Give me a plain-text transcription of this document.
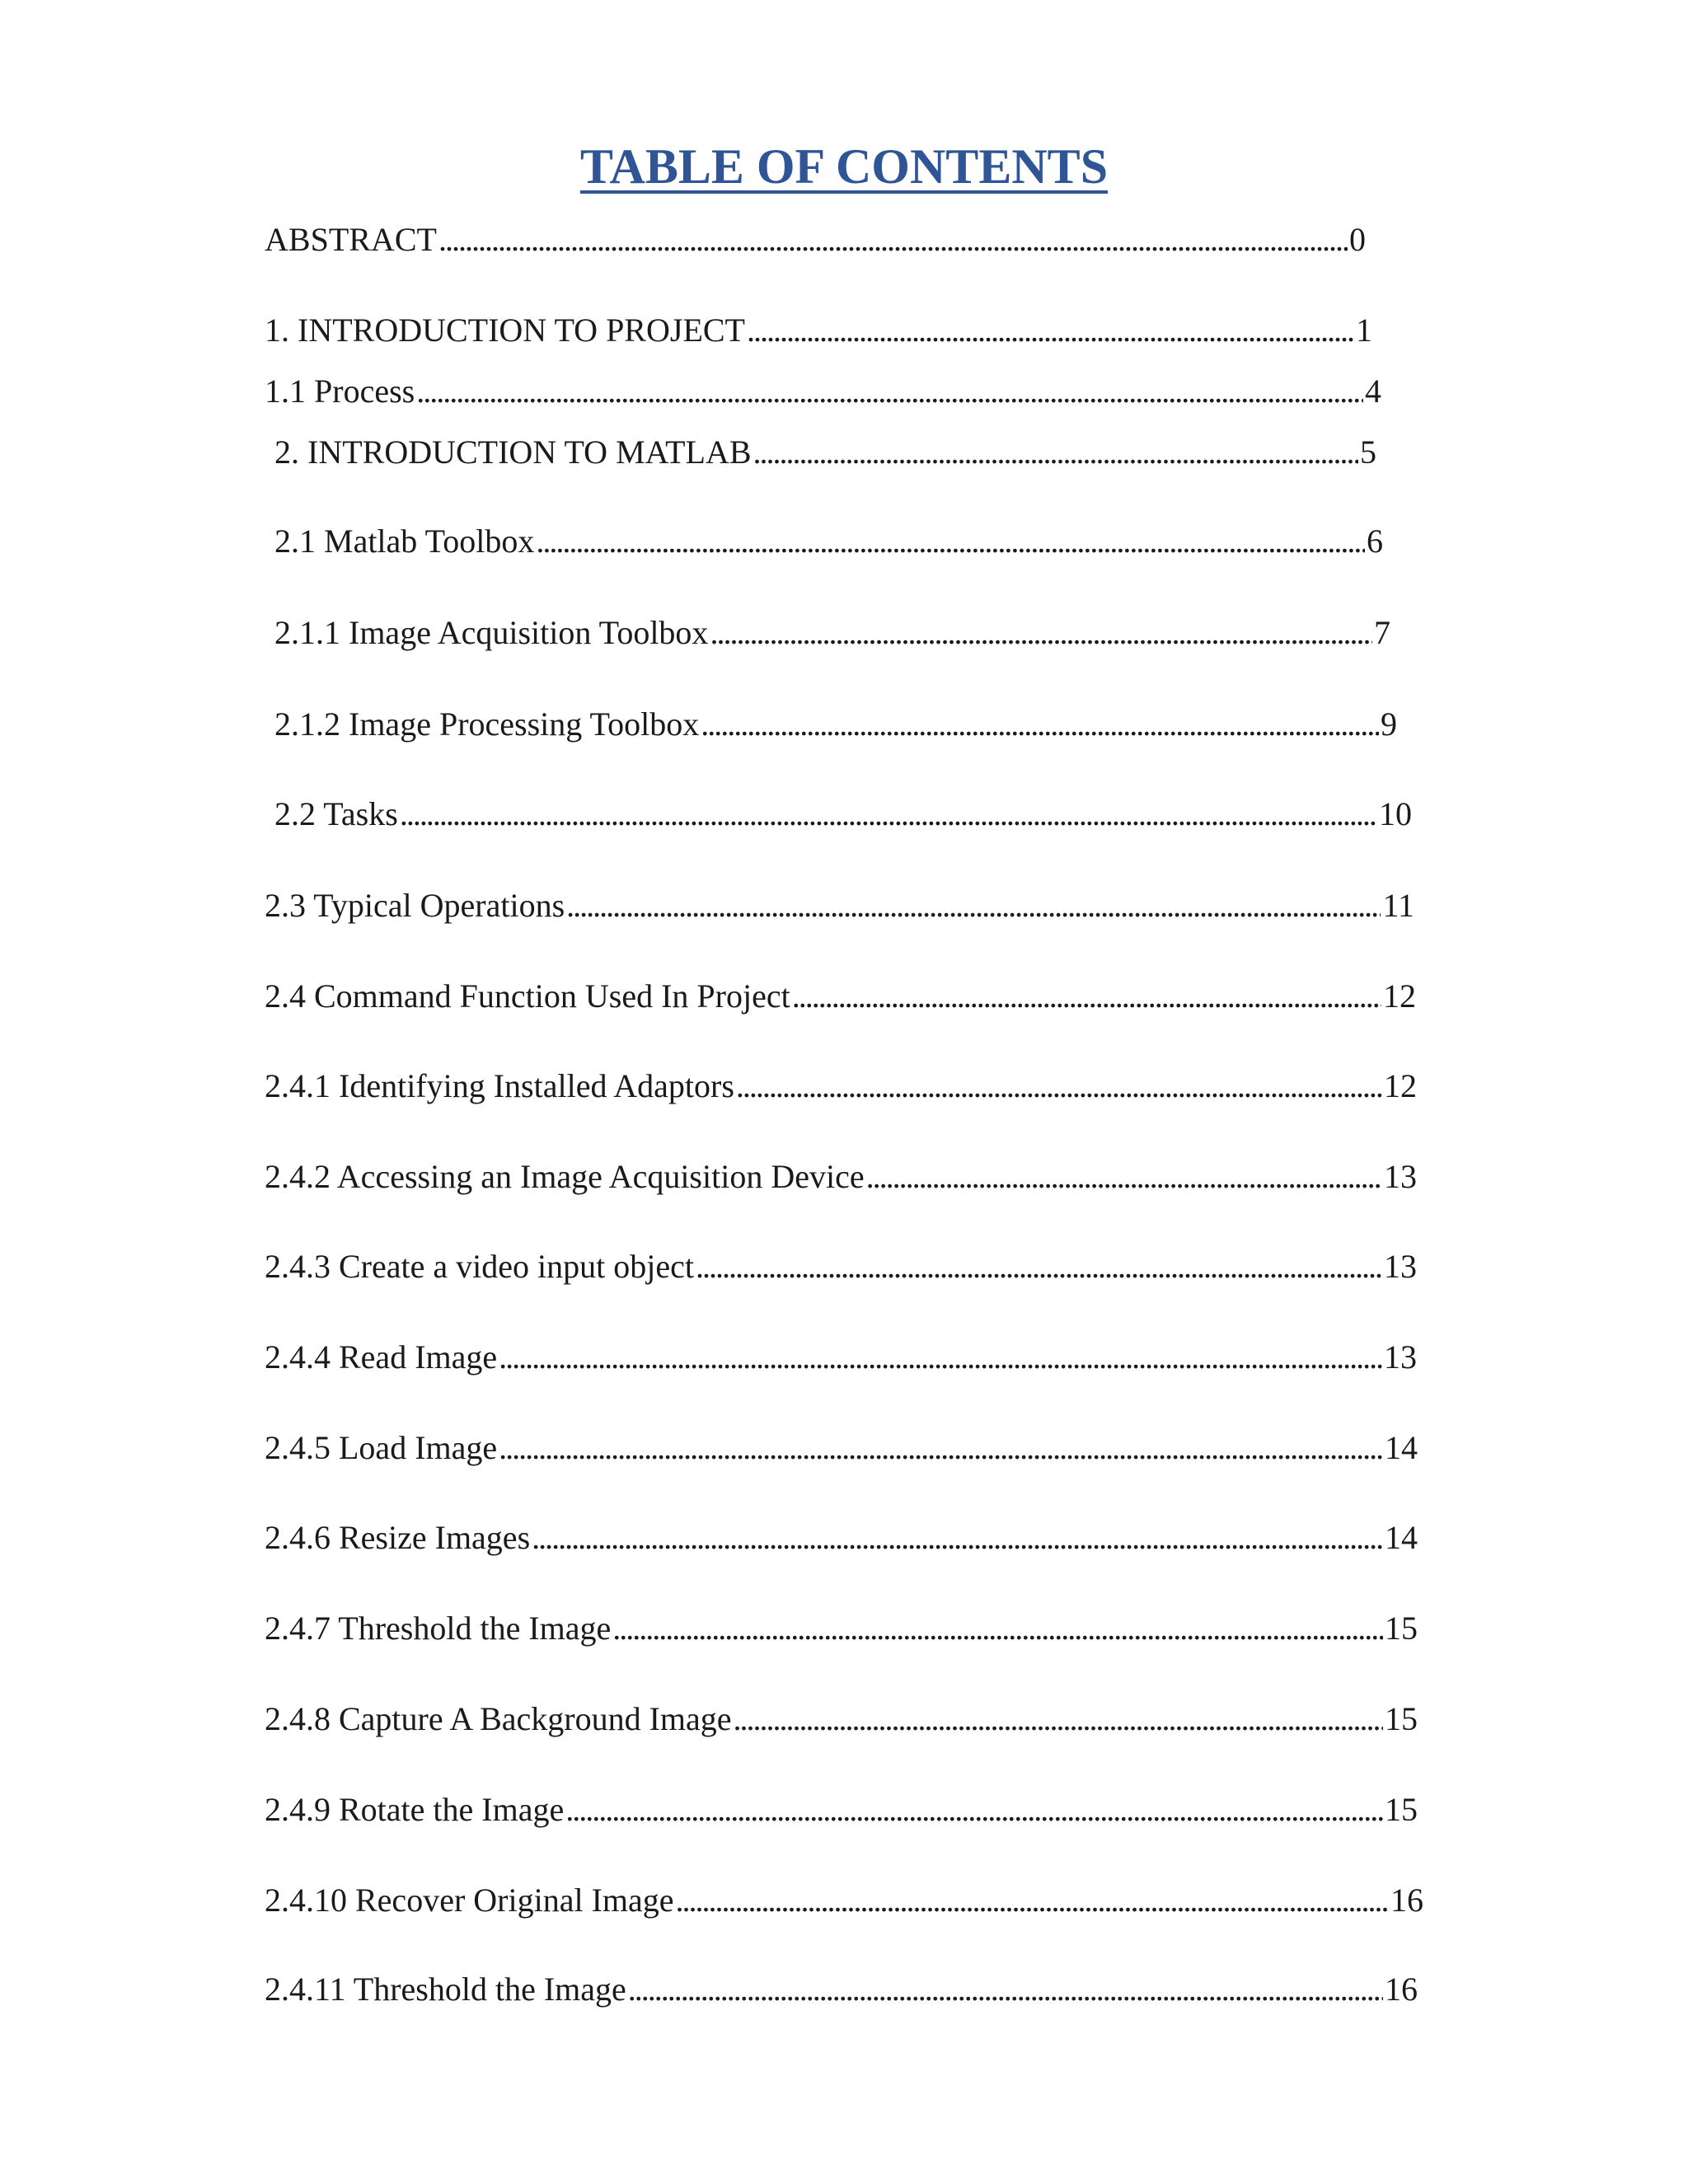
TABLE OF CONTENTS
ABSTRACT . . .	0
1. INTRODUCTION TO PROJECT . . .	1
1.1 Process . . .	4
2. INTRODUCTION TO MATLAB . . .	5
2.1 Matlab Toolbox . . .	6
2.1.1 Image Acquisition Toolbox . . .	7
2.1.2 Image Processing Toolbox . . .	9
2.2 Tasks . . .	10
2.3 Typical Operations . . .	11
2.4 Command Function Used In Project . . .	12
2.4.1 Identifying Installed Adaptors . . .	12
2.4.2 Accessing an Image Acquisition Device . . .	13
2.4.3 Create a video input object . . .	13
2.4.4 Read Image . . .	13
2.4.5 Load Image . . .	14
2.4.6 Resize Images . . .	14
2.4.7 Threshold the Image . . .	15
2.4.8 Capture A Background Image . . .	15
2.4.9 Rotate the Image . . .	15
2.4.10 Recover Original Image . . .	16
2.4.11 Threshold the Image . . .	16
